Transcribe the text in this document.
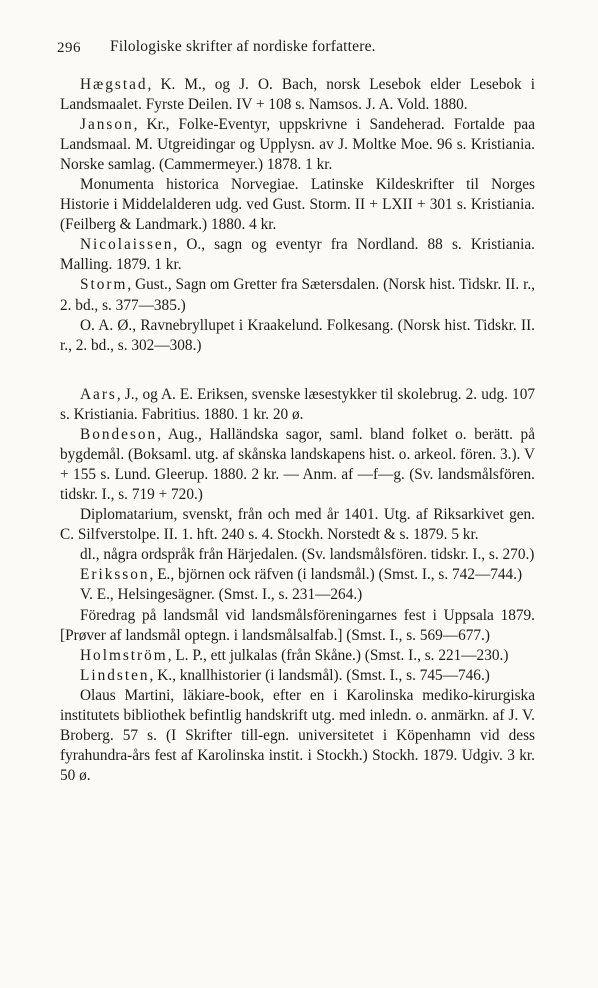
296 Filologiske skrifter af nordiske forfattere.

Hægstad, K. M., og J. O. Bach, norsk Lesebok elder Lesebok i Landsmaalet. Fyrste Deilen. IV + 108 s. Namsos. J. A. Vold. 1880.

Janson, Kr., Folke-Eventyr, uppskrivne i Sandeherad. Fortalde paa Landsmaal. M. Utgreidingar og Upplysn. av J. Moltke Moe. 96 s. Kristiania. Norske samlag. (Cammermeyer.) 1878. 1 kr.

Monumenta historica Norvegiae. Latinske Kildeskrifter til Norges Historie i Middelalderen udg. ved Gust. Storm. II + LXII + 301 s. Kristiania. (Feilberg & Landmark.) 1880. 4 kr.

Nicolaissen, O., sagn og eventyr fra Nordland. 88 s. Kristiania. Malling. 1879. 1 kr.

Storm, Gust., Sagn om Gretter fra Sætersdalen. (Norsk hist. Tidskr. II. r., 2. bd., s. 377—385.)

O. A. Ø., Ravnebryllupet i Kraakelund. Folkesang. (Norsk hist. Tidskr. II. r., 2. bd., s. 302—308.)

Aars, J., og A. E. Eriksen, svenske læsestykker til skolebrug. 2. udg. 107 s. Kristiania. Fabritius. 1880. 1 kr. 20 ø.

Bondeson, Aug., Halländska sagor, saml. bland folket o. berätt. på bygdemål. (Boksaml. utg. af skånska landskapens hist. o. arkeol. fören. 3.). V + 155 s. Lund. Gleerup. 1880. 2 kr. — Anm. af —f—g. (Sv. landsmålsfören. tidskr. I., s. 719 + 720.)

Diplomatarium, svenskt, från och med år 1401. Utg. af Riksarkivet gen. C. Silfverstolpe. II. 1. hft. 240 s. 4. Stockh. Norstedt & s. 1879. 5 kr.

dl., några ordspråk från Härjedalen. (Sv. landsmålsfören. tidskr. I., s. 270.)

Eriksson, E., björnen ock räfven (i landsmål.) (Smst. I., s. 742—744.)

V. E., Helsingesägner. (Smst. I., s. 231—264.)

Föredrag på landsmål vid landsmålsföreningarnes fest i Uppsala 1879. [Prøver af landsmål optegn. i landsmålsalfab.] (Smst. I., s. 569—677.)

Holmström, L. P., ett julkalas (från Skåne.) (Smst. I., s. 221—230.)

Lindsten, K., knallhistorier (i landsmål). (Smst. I., s. 745—746.)

Olaus Martini, läkiare-book, efter en i Karolinska mediko-kirurgiska institutets bibliothek befintlig handskrift utg. med inledn. o. anmärkn. af J. V. Broberg. 57 s. (I Skrifter till-egn. universitetet i Köpenhamn vid dess fyrahundra-års fest af Karolinska instit. i Stockh.) Stockh. 1879. Udgiv. 3 kr. 50 ø.
